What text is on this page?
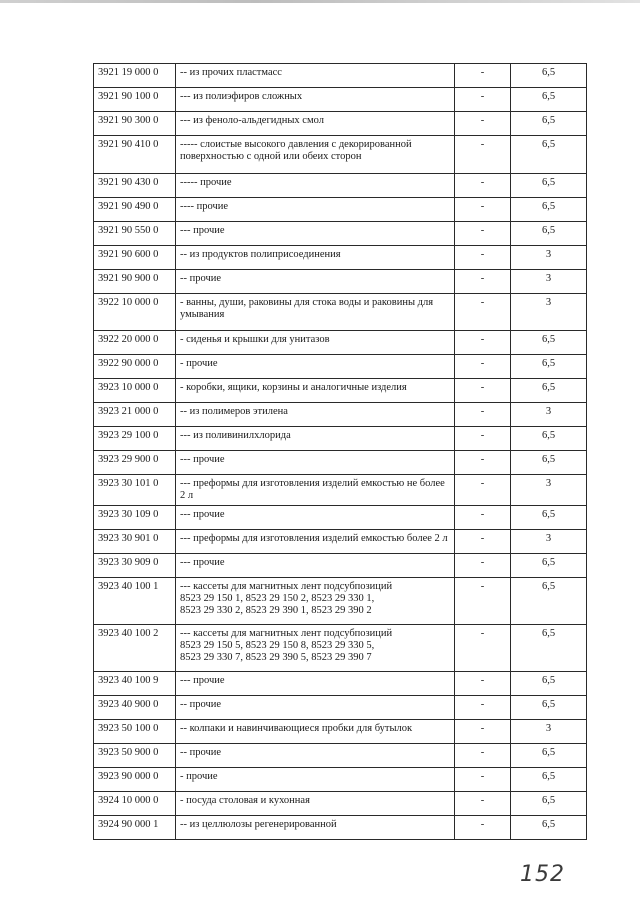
3921 19 000 0	-- из прочих пластмасс	-	6,5
3921 90 100 0	--- из полиэфиров сложных	-	6,5
3921 90 300 0	--- из феноло-альдегидных смол	-	6,5
3921 90 410 0	----- слоистые высокого давления с декорированной
поверхностью с одной или обеих сторон	-	6,5
3921 90 430 0	----- прочие	-	6,5
3921 90 490 0	---- прочие	-	6,5
3921 90 550 0	--- прочие	-	6,5
3921 90 600 0	-- из продуктов полиприсоединения	-	3
3921 90 900 0	-- прочие	-	3
3922 10 000 0	- ванны, души, раковины для стока воды и раковины для
умывания	-	3
3922 20 000 0	- сиденья и крышки для унитазов	-	6,5
3922 90 000 0	- прочие	-	6,5
3923 10 000 0	- коробки, ящики, корзины и аналогичные изделия	-	6,5
3923 21 000 0	-- из полимеров этилена	-	3
3923 29 100 0	--- из поливинилхлорида	-	6,5
3923 29 900 0	--- прочие	-	6,5
3923 30 101 0	--- преформы для изготовления изделий емкостью не более 2 л	-	3
3923 30 109 0	--- прочие	-	6,5
3923 30 901 0	--- преформы для изготовления изделий емкостью более 2 л	-	3
3923 30 909 0	--- прочие	-	6,5
3923 40 100 1	--- кассеты для магнитных лент подсубпозиций
8523 29 150 1, 8523 29 150 2, 8523 29 330 1,
8523 29 330 2, 8523 29 390 1, 8523 29 390 2	-	6,5
3923 40 100 2	--- кассеты для магнитных лент подсубпозиций
8523 29 150 5, 8523 29 150 8, 8523 29 330 5,
8523 29 330 7, 8523 29 390 5, 8523 29 390 7	-	6,5
3923 40 100 9	--- прочие	-	6,5
3923 40 900 0	-- прочие	-	6,5
3923 50 100 0	-- колпаки и навинчивающиеся пробки для бутылок	-	3
3923 50 900 0	-- прочие	-	6,5
3923 90 000 0	- прочие	-	6,5
3924 10 000 0	- посуда столовая и кухонная	-	6,5
3924 90 000 1	-- из целлюлозы регенерированной	-	6,5
152
